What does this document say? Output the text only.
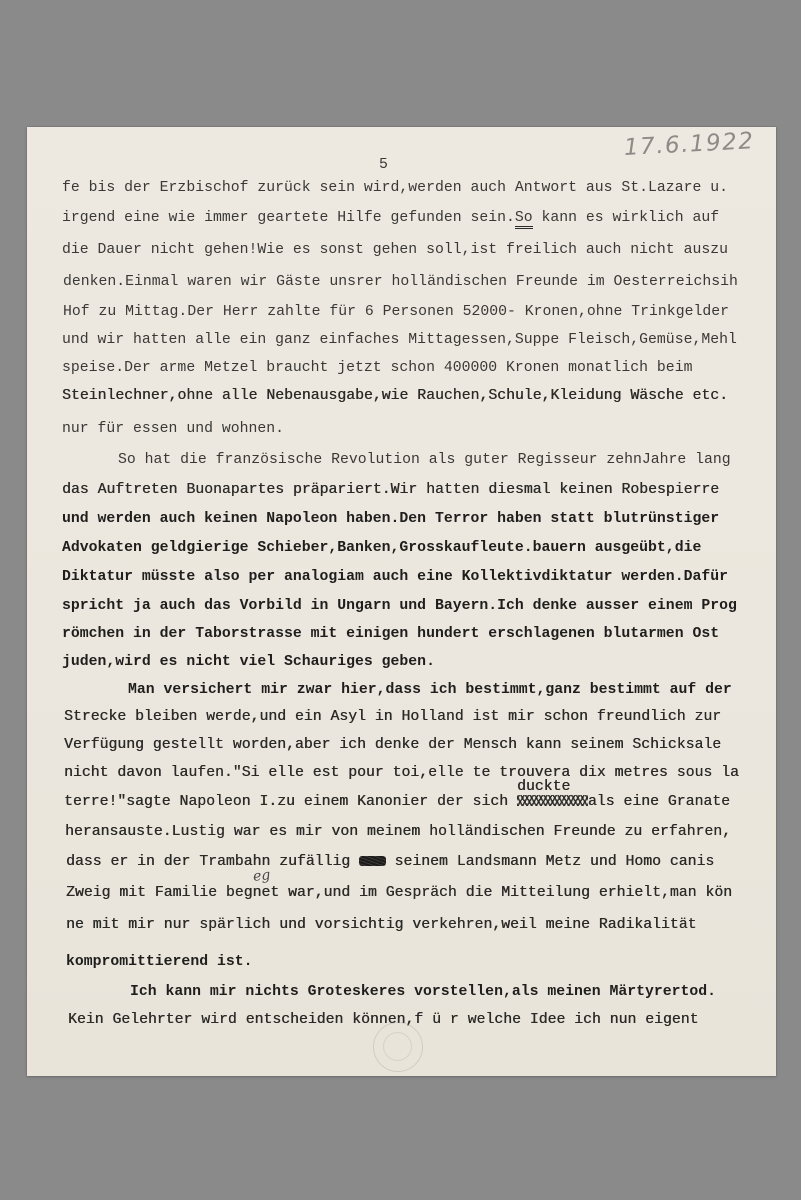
17.6.1922
5
fe bis der Erzbischof zurück sein wird,werden auch Antwort aus St.Lazare u.
irgend eine wie immer geartete Hilfe gefunden sein.So kann es wirklich auf
die Dauer nicht gehen!Wie es sonst gehen soll,ist freilich auch nicht auszu
denken.Einmal waren wir Gäste unsrer holländischen Freunde im Oesterreichsih
Hof zu Mittag.Der Herr zahlte für 6 Personen 52000- Kronen,ohne Trinkgelder
und wir hatten alle ein ganz einfaches Mittagessen,Suppe Fleisch,Gemüse,Mehl
speise.Der arme Metzel braucht jetzt schon 400000 Kronen monatlich beim
Steinlechner,ohne alle Nebenausgabe,wie Rauchen,Schule,Kleidung Wäsche etc.
nur für essen und wohnen.
So hat die französische Revolution als guter Regisseur zehnJahre lang
das Auftreten Buonapartes präpariert.Wir hatten diesmal keinen Robespierre
und werden auch keinen Napoleon haben.Den Terror haben statt blutrünstiger
Advokaten geldgierige Schieber,Banken,Grosskaufleute.bauern ausgeübt,die
Diktatur müsste also per analogiam auch eine Kollektivdiktatur werden.Dafür
spricht ja auch das Vorbild in Ungarn und Bayern.Ich denke ausser einem Prog
römchen in der Taborstrasse mit einigen hundert erschlagenen blutarmen Ost
juden,wird es nicht viel Schauriges geben.
Man versichert mir zwar hier,dass ich bestimmt,ganz bestimmt auf der
Strecke bleiben werde,und ein Asyl in Holland ist mir schon freundlich zur
Verfügung gestellt worden,aber ich denke der Mensch kann seinem Schicksale
nicht davon laufen."Si elle est pour toi,elle te trouvera dix metres sous la
duckte
terre!"sagte Napoleon I.zu einem Kanonier der sich	als eine Granate
heransauste.Lustig war es mir von meinem holländischen Freunde zu erfahren,
dass er in der Trambahn zufällig  seinem Landsmann Metz und Homo canis
eg
Zweig mit Familie begnet war,und im Gespräch die Mitteilung erhielt,man kön
ne mit mir nur spärlich und vorsichtig verkehren,weil meine Radikalität
kompromittierend ist.
Ich kann mir nichts Groteskeres vorstellen,als meinen Märtyrertod.
Kein Gelehrter wird entscheiden können,f ü r welche Idee ich nun eigent
